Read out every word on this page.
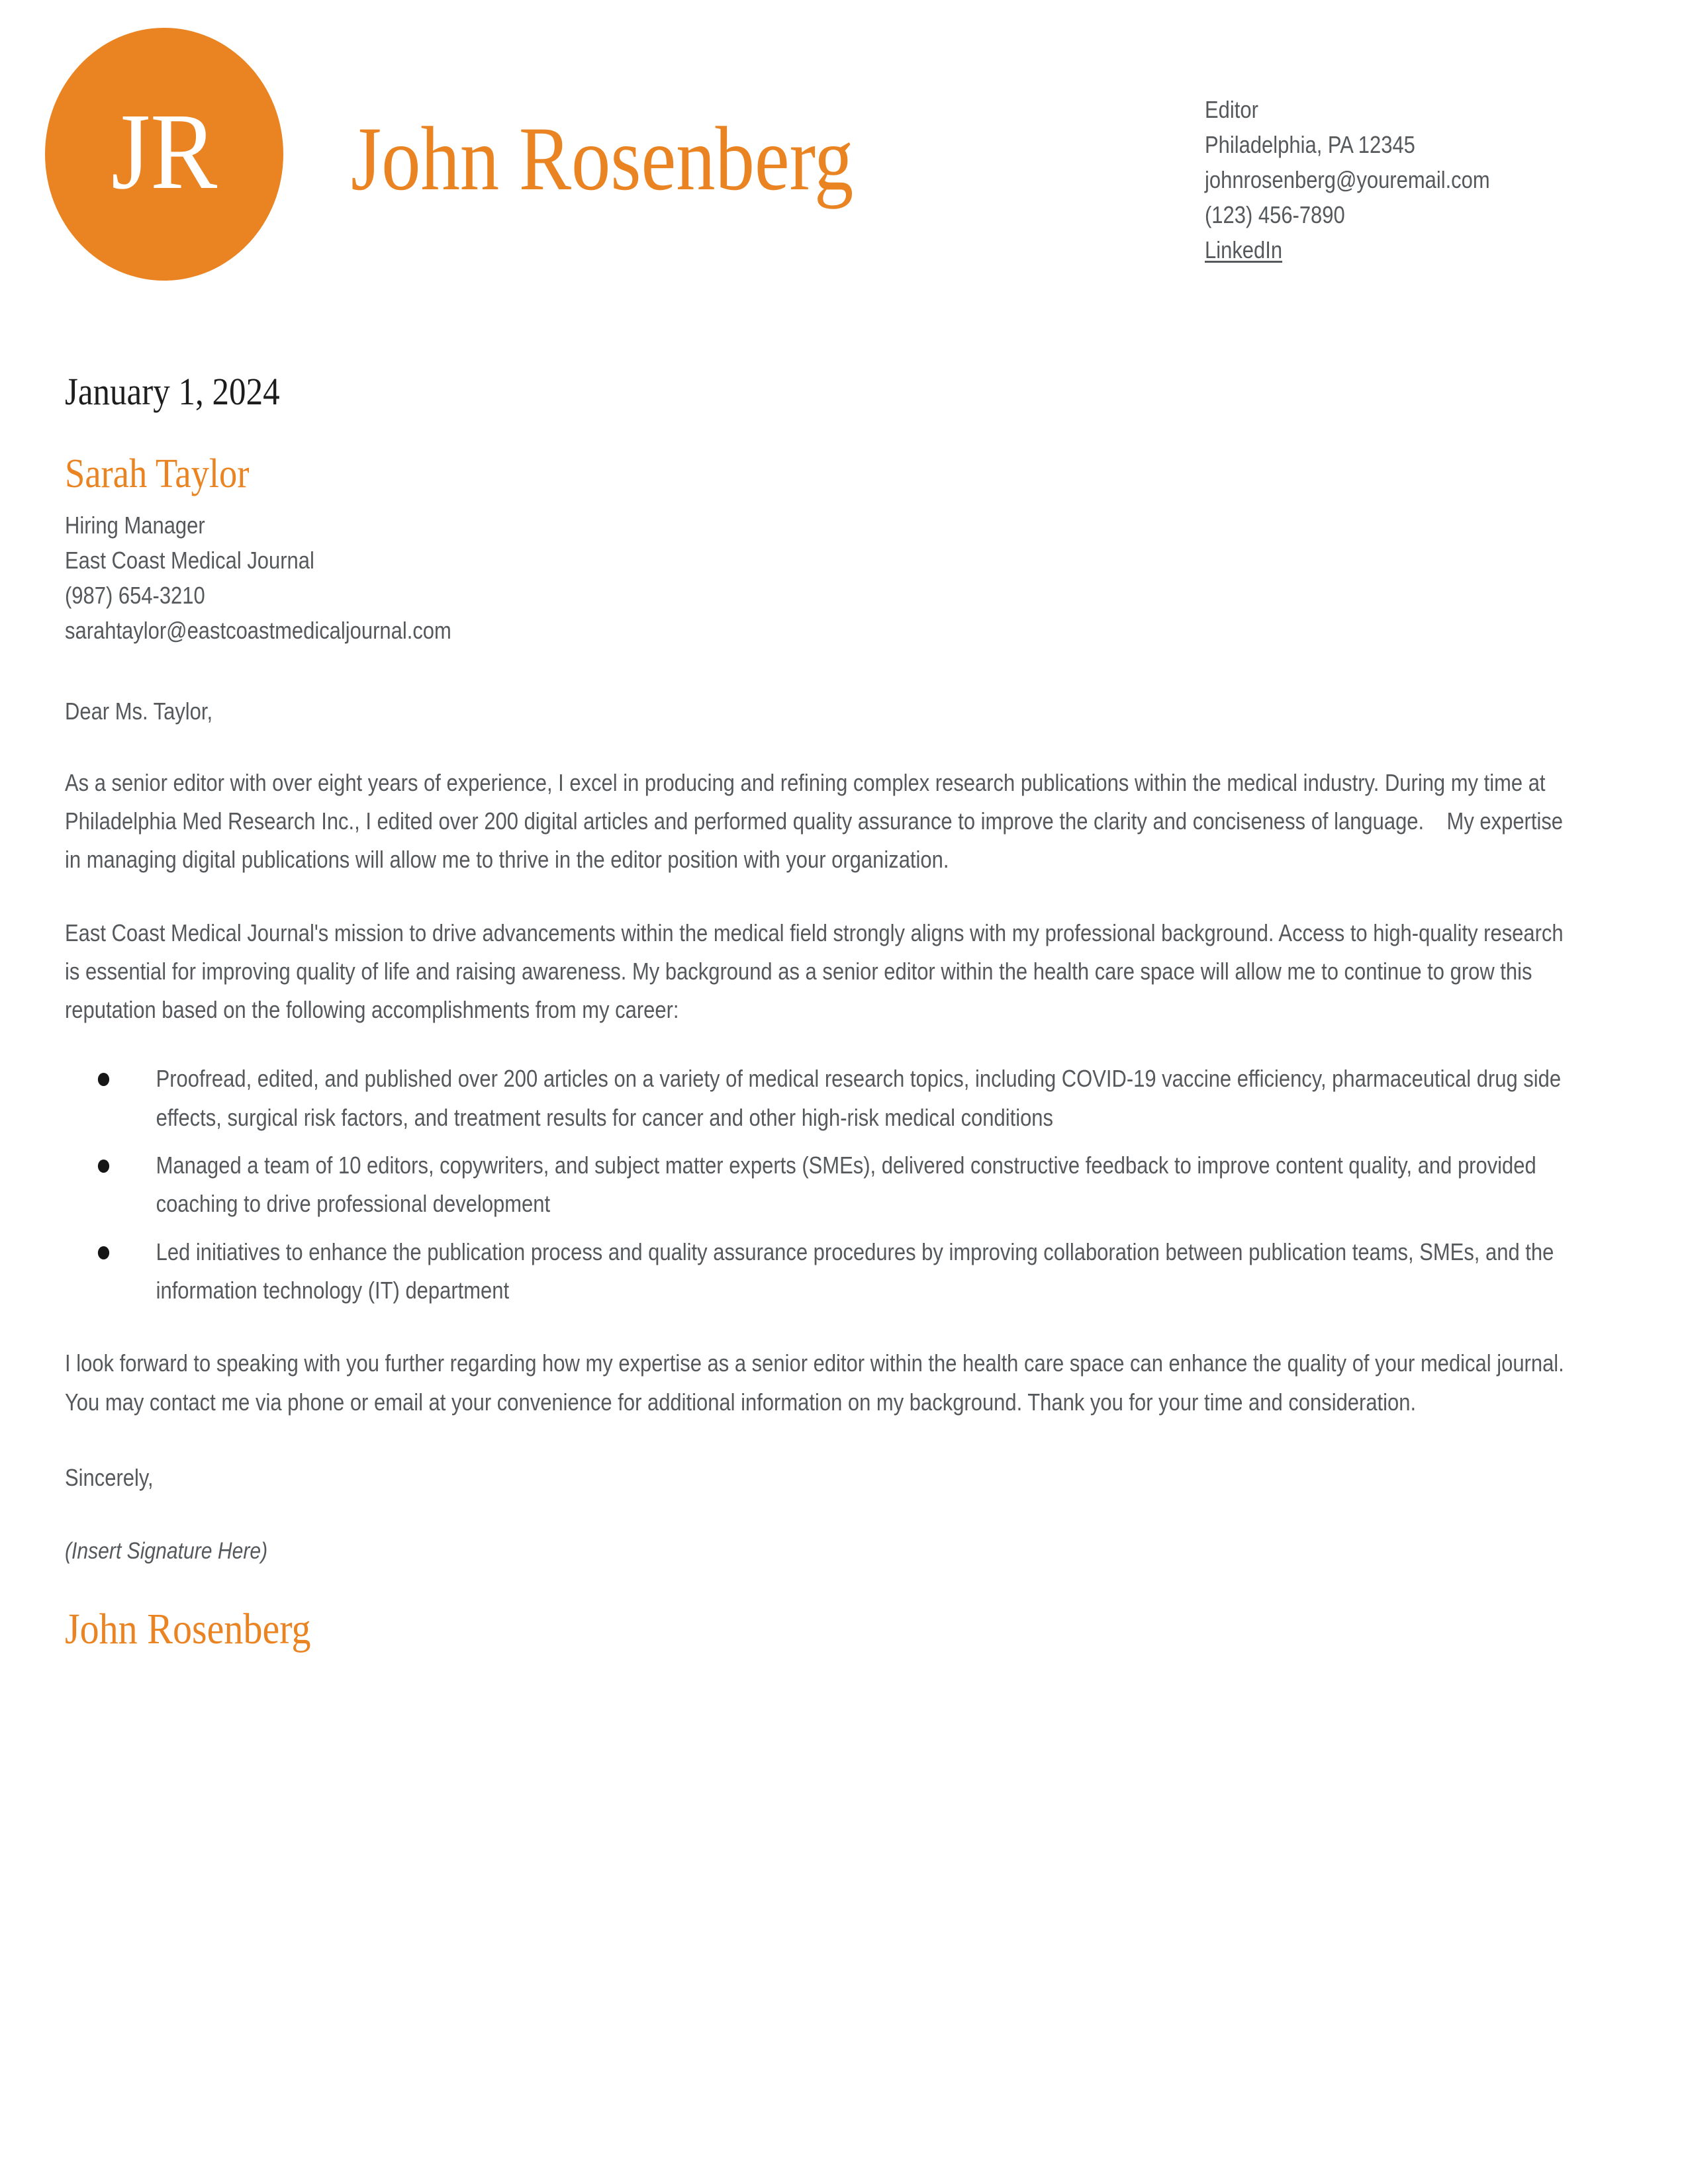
JR John Rosenberg	Editor
Philadelphia, PA 12345
johnrosenberg@youremail.com
(123) 456-7890
LinkedIn
January 1, 2024
Sarah Taylor
Hiring Manager
East Coast Medical Journal
(987) 654-3210
sarahtaylor@eastcoastmedicaljournal.com
Dear Ms. Taylor,
As a senior editor with over eight years of experience, I excel in producing and refining complex research publications within the medical industry. During my time at Philadelphia Med Research Inc., I edited over 200 digital articles and performed quality assurance to improve the clarity and conciseness of language.    My expertise in managing digital publications will allow me to thrive in the editor position with your organization.
East Coast Medical Journal's mission to drive advancements within the medical field strongly aligns with my professional background. Access to high-quality research is essential for improving quality of life and raising awareness. My background as a senior editor within the health care space will allow me to continue to grow this reputation based on the following accomplishments from my career:
Proofread, edited, and published over 200 articles on a variety of medical research topics, including COVID-19 vaccine efficiency, pharmaceutical drug side effects, surgical risk factors, and treatment results for cancer and other high-risk medical conditions
Managed a team of 10 editors, copywriters, and subject matter experts (SMEs), delivered constructive feedback to improve content quality, and provided coaching to drive professional development
Led initiatives to enhance the publication process and quality assurance procedures by improving collaboration between publication teams, SMEs, and the information technology (IT) department
I look forward to speaking with you further regarding how my expertise as a senior editor within the health care space can enhance the quality of your medical journal. You may contact me via phone or email at your convenience for additional information on my background. Thank you for your time and consideration.
Sincerely,
(Insert Signature Here)
John Rosenberg
